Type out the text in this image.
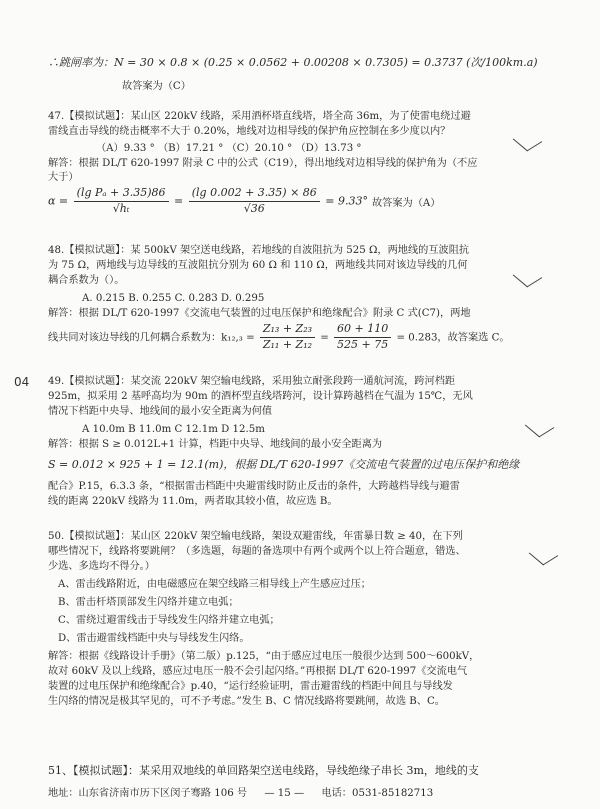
∴跳闸率为：N = 30 × 0.8 × (0.25 × 0.0562 + 0.00208 × 0.7305) = 0.3737 (次/100km.a)
故答案为（C）
47.【模拟试题】：某山区 220kV 线路，采用酒杯塔直线塔，塔全高 36m，为了使雷电绕过避
雷线直击导线的绕击概率不大于 0.20%，地线对边相导线的保护角应控制在多少度以内？
（A）9.33 ° （B）17.21 ° （C）20.10 ° （D）13.73 °
解答：根据 DL/T 620-1997 附录 C 中的公式（C19），得出地线对边相导线的保护角为（不应
大于）
$\alpha = \frac{\text{(lg Pₐ + 3.35)86}}{\text{√hₜ}} = \frac{(\lg 0.002 + 3.35) \times 86}{√36} = 9.33^\circ$ 故答案为（A）
48.【模拟试题】：某 500kV 架空送电线路，若地线的自波阻抗为 525 Ω，两地线的互波阻抗
为 75 Ω，两地线与边导线的互波阻抗分别为 60 Ω 和 110 Ω，两地线共同对该边导线的几何
耦合系数为（）。
A. 0.215 B. 0.255 C. 0.283 D. 0.295
解答：根据 DL/T 620-1997《交流电气装置的过电压保护和绝缘配合》附录 C 式(C7)，两地
线共同对该边导线的几何耦合系数为：$k_{12},_3 = \frac{\text{Z₁₃ + Z₂₃}}{\text{Z₁₁ + Z₁₂}} = \frac{60 + 110}{525 + 75} = 0.283$，故答案选 C。
04 49.【模拟试题】：某交流 220kV 架空输电线路，采用独立耐张段跨一通航河流，跨河档距
925m，拟采用 2 基呼高均为 90m 的酒杯型直线塔跨河，设计算跨越档在气温为 15℃，无风
情况下档距中央导、地线间的最小安全距离为何值
A 10.0m B 11.0m C 12.1m D 12.5m
解答：根据 S ≥ 0.012L+1 计算，档距中央导、地线间的最小安全距离为
S = 0.012 × 925 + 1 = 12.1(m)，根据 DL/T 620-1997《交流电气装置的过电压保护和绝缘
配合》P.15，6.3.3 条，“根据雷击档距中央避雷线时防止反击的条件，大跨越档导线与避雷
线的距离 220kV 线路为 11.0m，两者取其较小值，故应选 B。
50.【模拟试题】：某山区 220kV 架空输电线路，架设双避雷线，年雷暴日数 ≥ 40，在下列
哪些情况下，线路将要跳闸？（多选题，每题的备选项中有两个或两个以上符合题意，错选、
少选、多选均不得分。）
A、雷击线路附近，由电磁感应在架空线路三相导线上产生感应过压；
B、雷击杆塔顶部发生闪络并建立电弧；
C、雷绕过避雷线击于导线发生闪络并建立电弧；
D、雷击避雷线档距中央与导线发生闪络。
解答：根据《线路设计手册》（第二版）p.125，“由于感应过电压一般很少达到 500～600kV，
故对 60kV 及以上线路，感应过电压一般不会引起闪络。”再根据 DL/T 620-1997《交流电气
装置的过电压保护和绝缘配合》p.40，“运行经验证明，雷击避雷线的档距中间且与导线发
生闪络的情况是极其罕见的，可不予考虑。”发生 B、C 情况线路将要跳闸，故选 B、C。
51、【模拟试题】：某采用双地线的单回路架空送电线路，导线绝缘子串长 3m，地线的支
地址：山东省济南市历下区闵子骞路 106 号 — 15 — 电话：0531-85182713
